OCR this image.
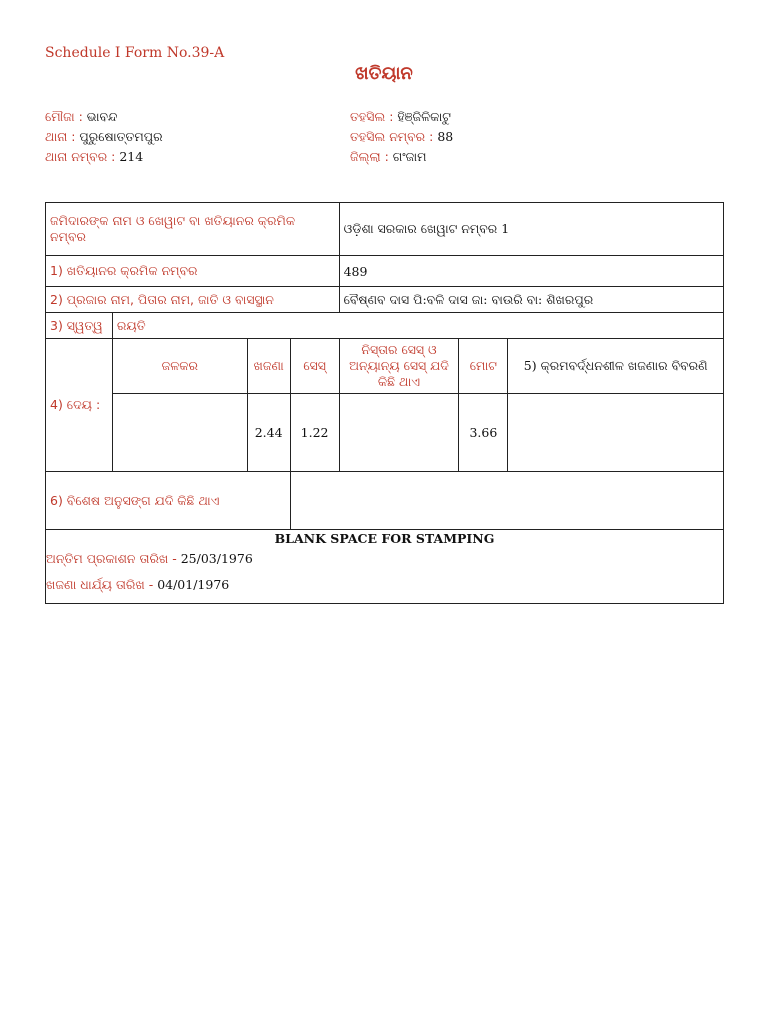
Schedule I Form No.39-A
ଖତିୟାନ
ମୌଜା : ଭାବନ୍ଦ
ଥାନା : ପୁରୁଷୋତ୍ତମପୁର
ଥାନା ନମ୍ବର : 214
ତହସିଲ : ହିଞ୍ଜିଳିକାଟୁ
ତହସିଲ ନମ୍ବର : 88
ଜିଲ୍ଲା : ଗଂଜାମ
ଜମିଦାରଙ୍କ ନାମ ଓ ଖେୱାଟ ବା ଖତିୟାନର କ୍ରମିକ ନମ୍ବର				ଓଡ଼ିଶା ସରକାର ଖେୱାଟ ନମ୍ବର 1		
1) ଖତିୟାନର କ୍ରମିକ ନମ୍ବର				489		
2) ପ୍ରଜାର ନାମ, ପିତାର ନାମ, ଜାତି ଓ ବାସସ୍ଥାନ				ବୈଷ୍ଣବ ଦାସ ପି:ବଳି ଦାସ ଜା: ବାଉରି ବା: ଶିଖରପୁର		
3) ସ୍ୱତ୍ୱ	ରୟତି					
4) ଦେୟ :	ଜଳକର	ଖଜଣା	ସେସ୍	ନିସ୍ତାର ସେସ୍ ଓ ଅନ୍ୟାନ୍ୟ ସେସ୍ ଯଦି କିଛି ଥାଏ	ମୋଟ	5) କ୍ରମବର୍ଦ୍ଧନଶୀଳ ଖଜଣାର ବିବରଣି
		2.44	1.22		3.66	
6) ବିଶେଷ ଅନୁସଙ୍ଗ ଯଦି କିଛି ଥାଏ						

BLANK SPACE FOR STAMPING
ଅନ୍ତିମ ପ୍ରକାଶନ ତାରିଖ - 25/03/1976
ଖଜଣା ଧାର୍ଯ୍ୟ ତାରିଖ - 04/01/1976						
